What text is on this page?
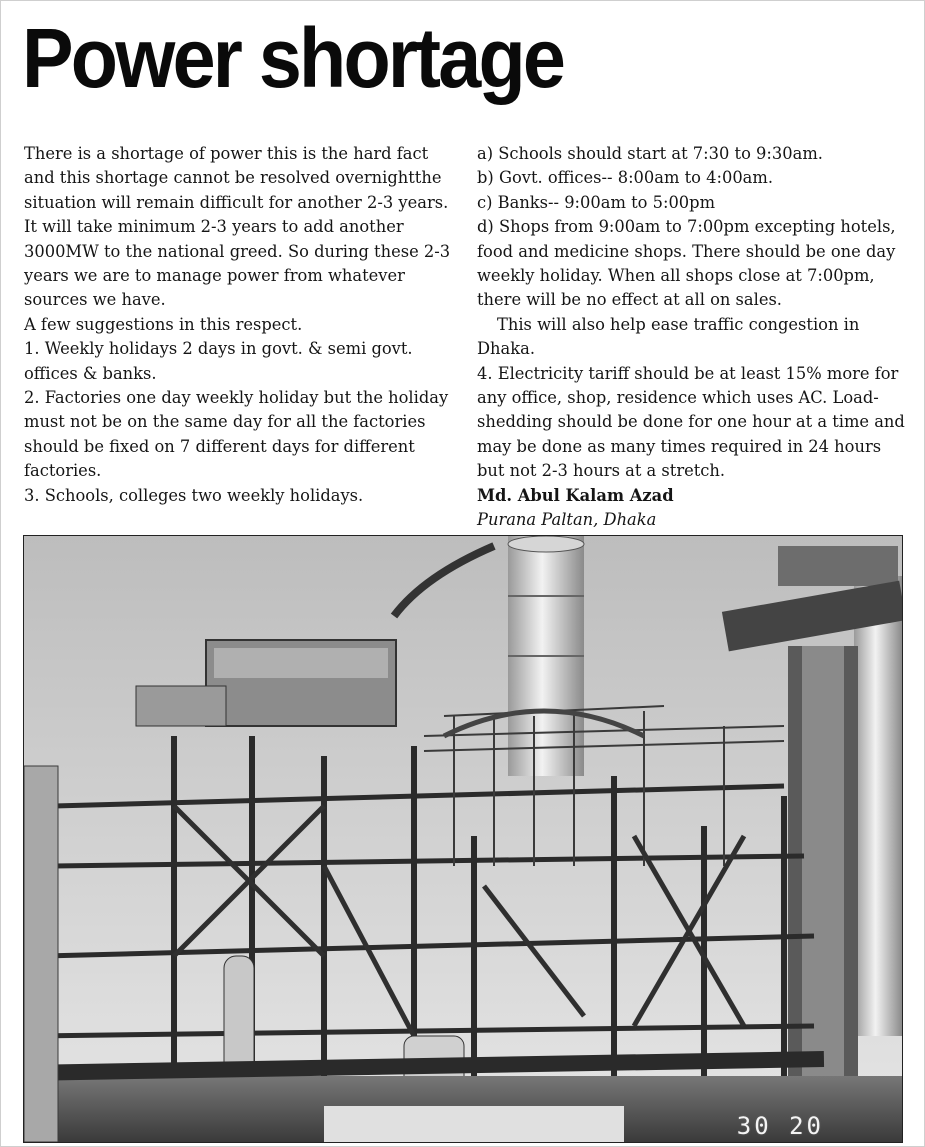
Power shortage

There is a shortage of power this is the hard fact and this shortage cannot be resolved overnightthe situation will remain difficult for another 2-3 years. It will take minimum 2-3 years to add another 3000MW to the national greed. So during these 2-3 years we are to manage power from whatever sources we have.

A few suggestions in this respect.

1. Weekly holidays 2 days in govt. & semi govt. offices & banks.

2. Factories one day weekly holiday but the holiday must not be on the same day for all the factories should be fixed on 7 different days for different factories.

3. Schools, colleges two weekly holidays.

a) Schools should start at 7:30 to 9:30am.

b) Govt. offices-- 8:00am to 4:00am.

c) Banks-- 9:00am to 5:00pm

d) Shops from 9:00am to 7:00pm excepting hotels, food and medicine shops. There should be one day weekly holiday. When all shops close at 7:00pm, there will be no effect at all on sales.

This will also help ease traffic congestion in Dhaka.

4. Electricity tariff should be at least 15% more for any office, shop, residence which uses AC. Load-shedding should be done for one hour at a time and may be done as many times required in 24 hours but not 2-3 hours at a stretch.

Md. Abul Kalam Azad

Purana Paltan, Dhaka

30 20
